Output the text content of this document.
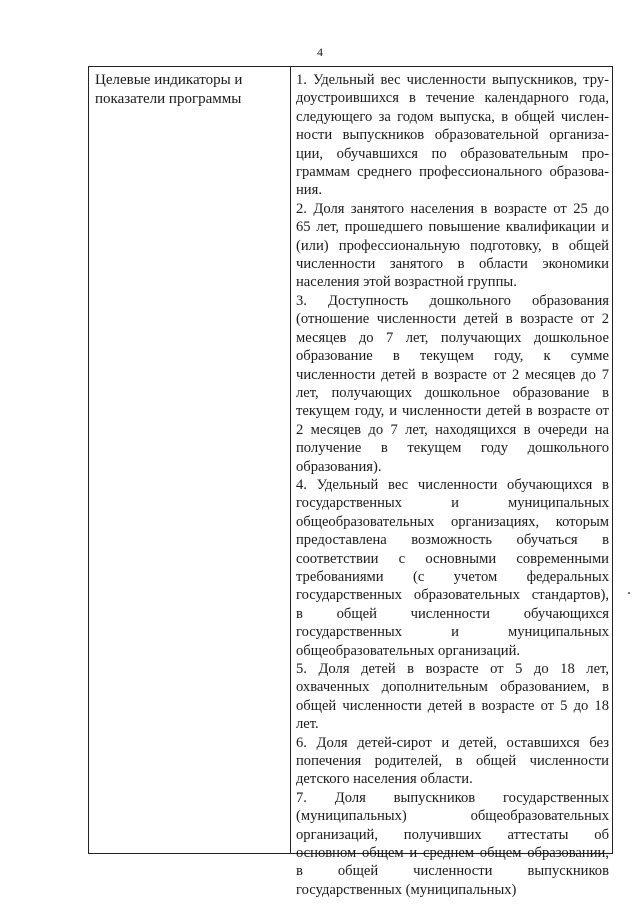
4
Целевые индикаторы и показатели программы
1. Удельный вес численности выпускников, тру-
доустроившихся в течение календарного года,
следующего за годом выпуска, в общей числен-
ности выпускников образовательной организа-
ции, обучавшихся по образовательным про-
граммам среднего профессионального образова-
ния.
2. Доля занятого населения в возрасте от 25 до
65 лет, прошедшего повышение квалификации и
(или) профессиональную подготовку, в общей
численности занятого в области экономики
населения этой возрастной группы.
3. Доступность дошкольного образования
(отношение численности детей в возрасте от 2
месяцев до 7 лет, получающих дошкольное
образование в текущем году, к сумме
численности детей в возрасте от 2 месяцев до 7
лет, получающих дошкольное образование в
текущем году, и численности детей в возрасте от
2 месяцев до 7 лет, находящихся в очереди на
получение в текущем году дошкольного
образования).
4. Удельный вес численности обучающихся в
государственных и муниципальных
общеобразовательных организациях, которым
предоставлена возможность обучаться в
соответствии с основными современными
требованиями (с учетом федеральных
государственных образовательных стандартов),
в общей численности обучающихся
государственных и муниципальных
общеобразовательных организаций.
5. Доля детей в возрасте от 5 до 18 лет,
охваченных дополнительным образованием, в
общей численности детей в возрасте от 5 до 18
лет.
6. Доля детей-сирот и детей, оставшихся без
попечения родителей, в общей численности
детского населения области.
7. Доля выпускников государственных
(муниципальных) общеобразовательных
организаций, получивших аттестаты об
основном общем и среднем общем образовании,
в общей численности выпускников
государственных (муниципальных)
